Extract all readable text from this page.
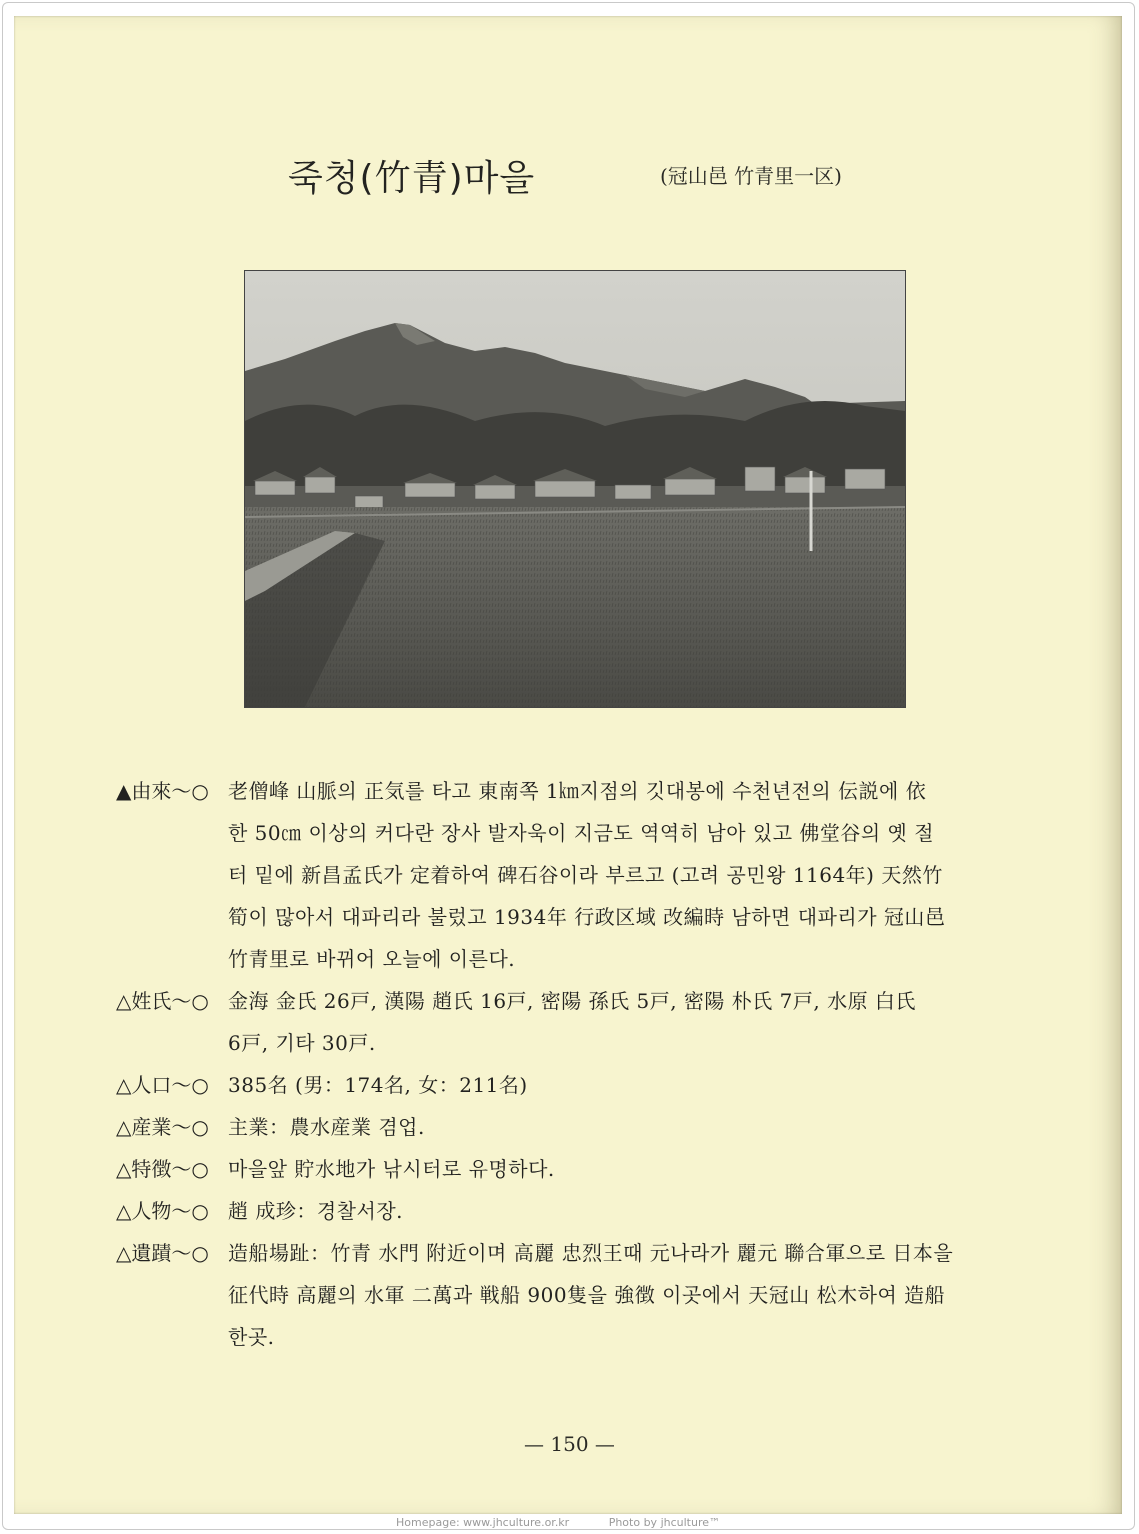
죽청(竹青)마을	(冠山邑 竹青里一区)
▲由來～○ 老僧峰 山脈의 正気를 타고 東南쪽 1㎞지점의 깃대봉에 수천년전의 伝説에 依
한 50㎝ 이상의 커다란 장사 발자욱이 지금도 역역히 남아 있고 佛堂谷의 옛 절
터 밑에 新昌孟氏가 定着하여 碑石谷이라 부르고 (고려 공민왕 1164年) 天然竹
筍이 많아서 대파리라 불렀고 1934年 行政区域 改編時 남하면 대파리가 冠山邑
竹青里로 바뀌어 오늘에 이른다.
△姓氏～○ 金海 金氏 26戸, 漢陽 趙氏 16戸, 密陽 孫氏 5戸, 密陽 朴氏 7戸, 水原 白氏
6戸, 기타 30戸.
△人口～○ 385名 (男：174名, 女：211名)
△産業～○ 主業：農水産業 겸업.
△特徴～○ 마을앞 貯水地가 낚시터로 유명하다.
△人物～○ 趙 成珍：경찰서장.
△遺蹟～○ 造船場趾：竹青 水門 附近이며 高麗 忠烈王때 元나라가 麗元 聯合軍으로 日本을
征代時 高麗의 水軍 二萬과 戦船 900隻을 強徴 이곳에서 天冠山 松木하여 造船
한곳.
— 150 —
Homepage: www.jhculture.or.kr	Photo by jhculture™
